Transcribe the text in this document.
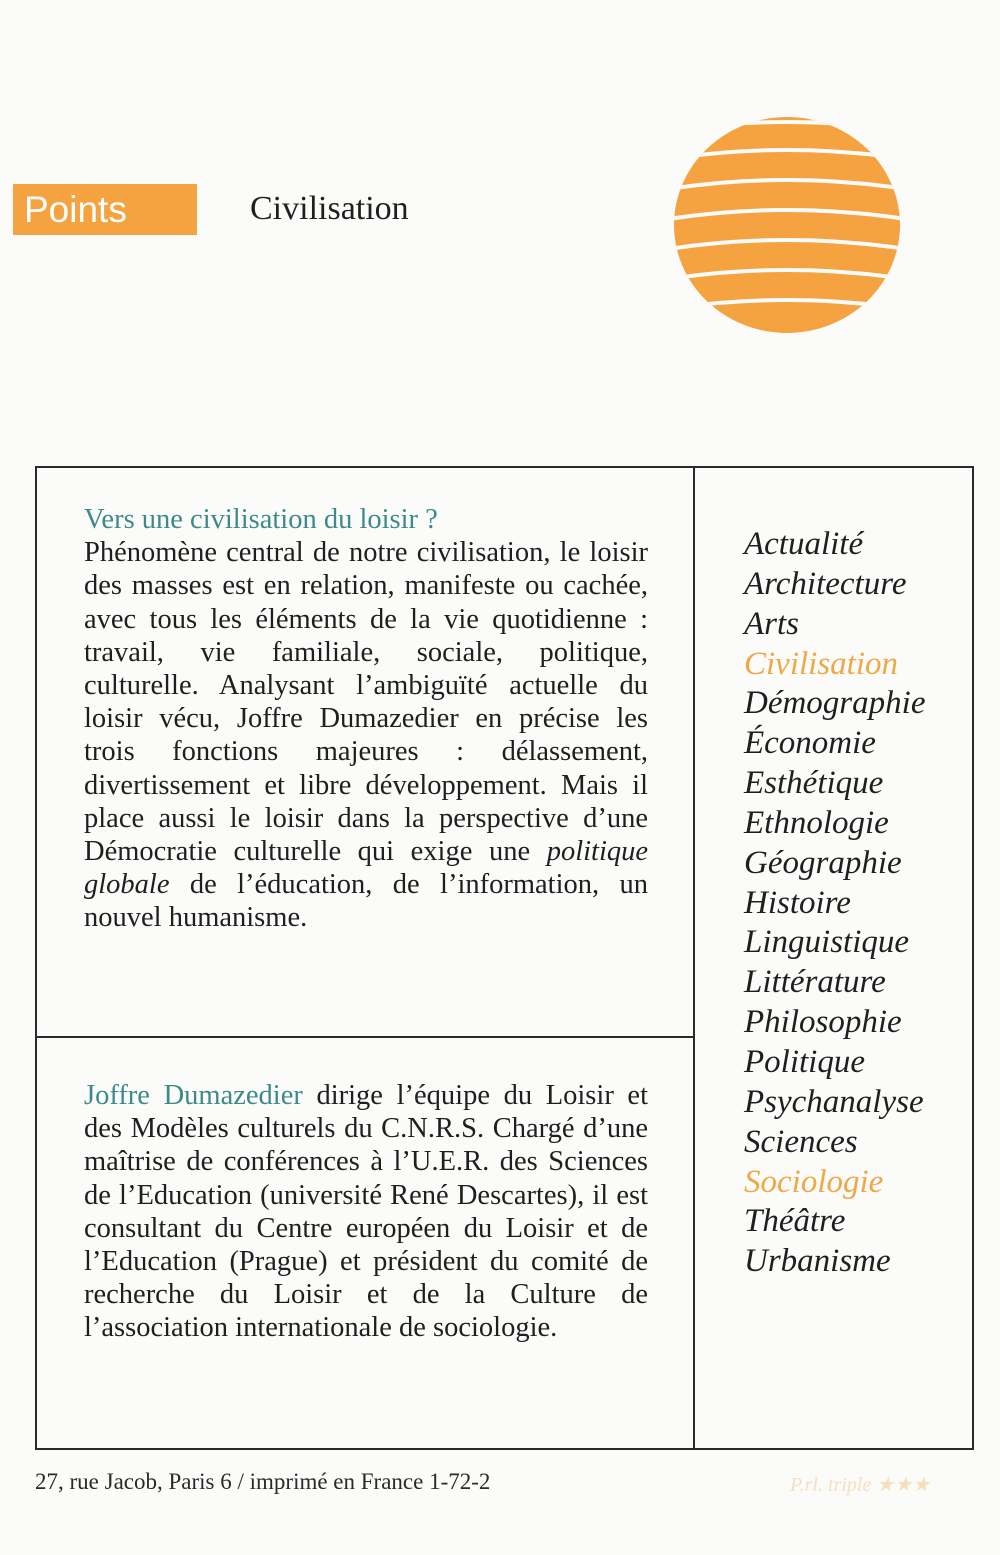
Points	Civilisation
Vers une civilisation du loisir ?
Phénomène central de notre civilisation, le loisir des masses est en relation, manifeste ou cachée, avec tous les éléments de la vie quotidienne : travail, vie familiale, sociale, politique, culturelle. Analysant l’ambiguïté actuelle du loisir vécu, Joffre Dumazedier en précise les trois fonctions majeures : délassement, divertissement et libre développement. Mais il place aussi le loisir dans la perspective d’une Démocratie culturelle qui exige une politique globale de l’éducation, de l’information, un nouvel humanisme.
Joffre Dumazedier dirige l’équipe du Loisir et des Modèles culturels du C.N.R.S. Chargé d’une maîtrise de conférences à l’U.E.R. des Sciences de l’Education (université René Descartes), il est consultant du Centre européen du Loisir et de l’Education (Prague) et président du comité de recherche du Loisir et de la Culture de l’association internationale de sociologie.
Actualité
Architecture
Arts
Civilisation
Démographie
Économie
Esthétique
Ethnologie
Géographie
Histoire
Linguistique
Littérature
Philosophie
Politique
Psychanalyse
Sciences
Sociologie
Théâtre
Urbanisme
27, rue Jacob, Paris 6 / imprimé en France 1-72-2	P.rl. triple ★★★
